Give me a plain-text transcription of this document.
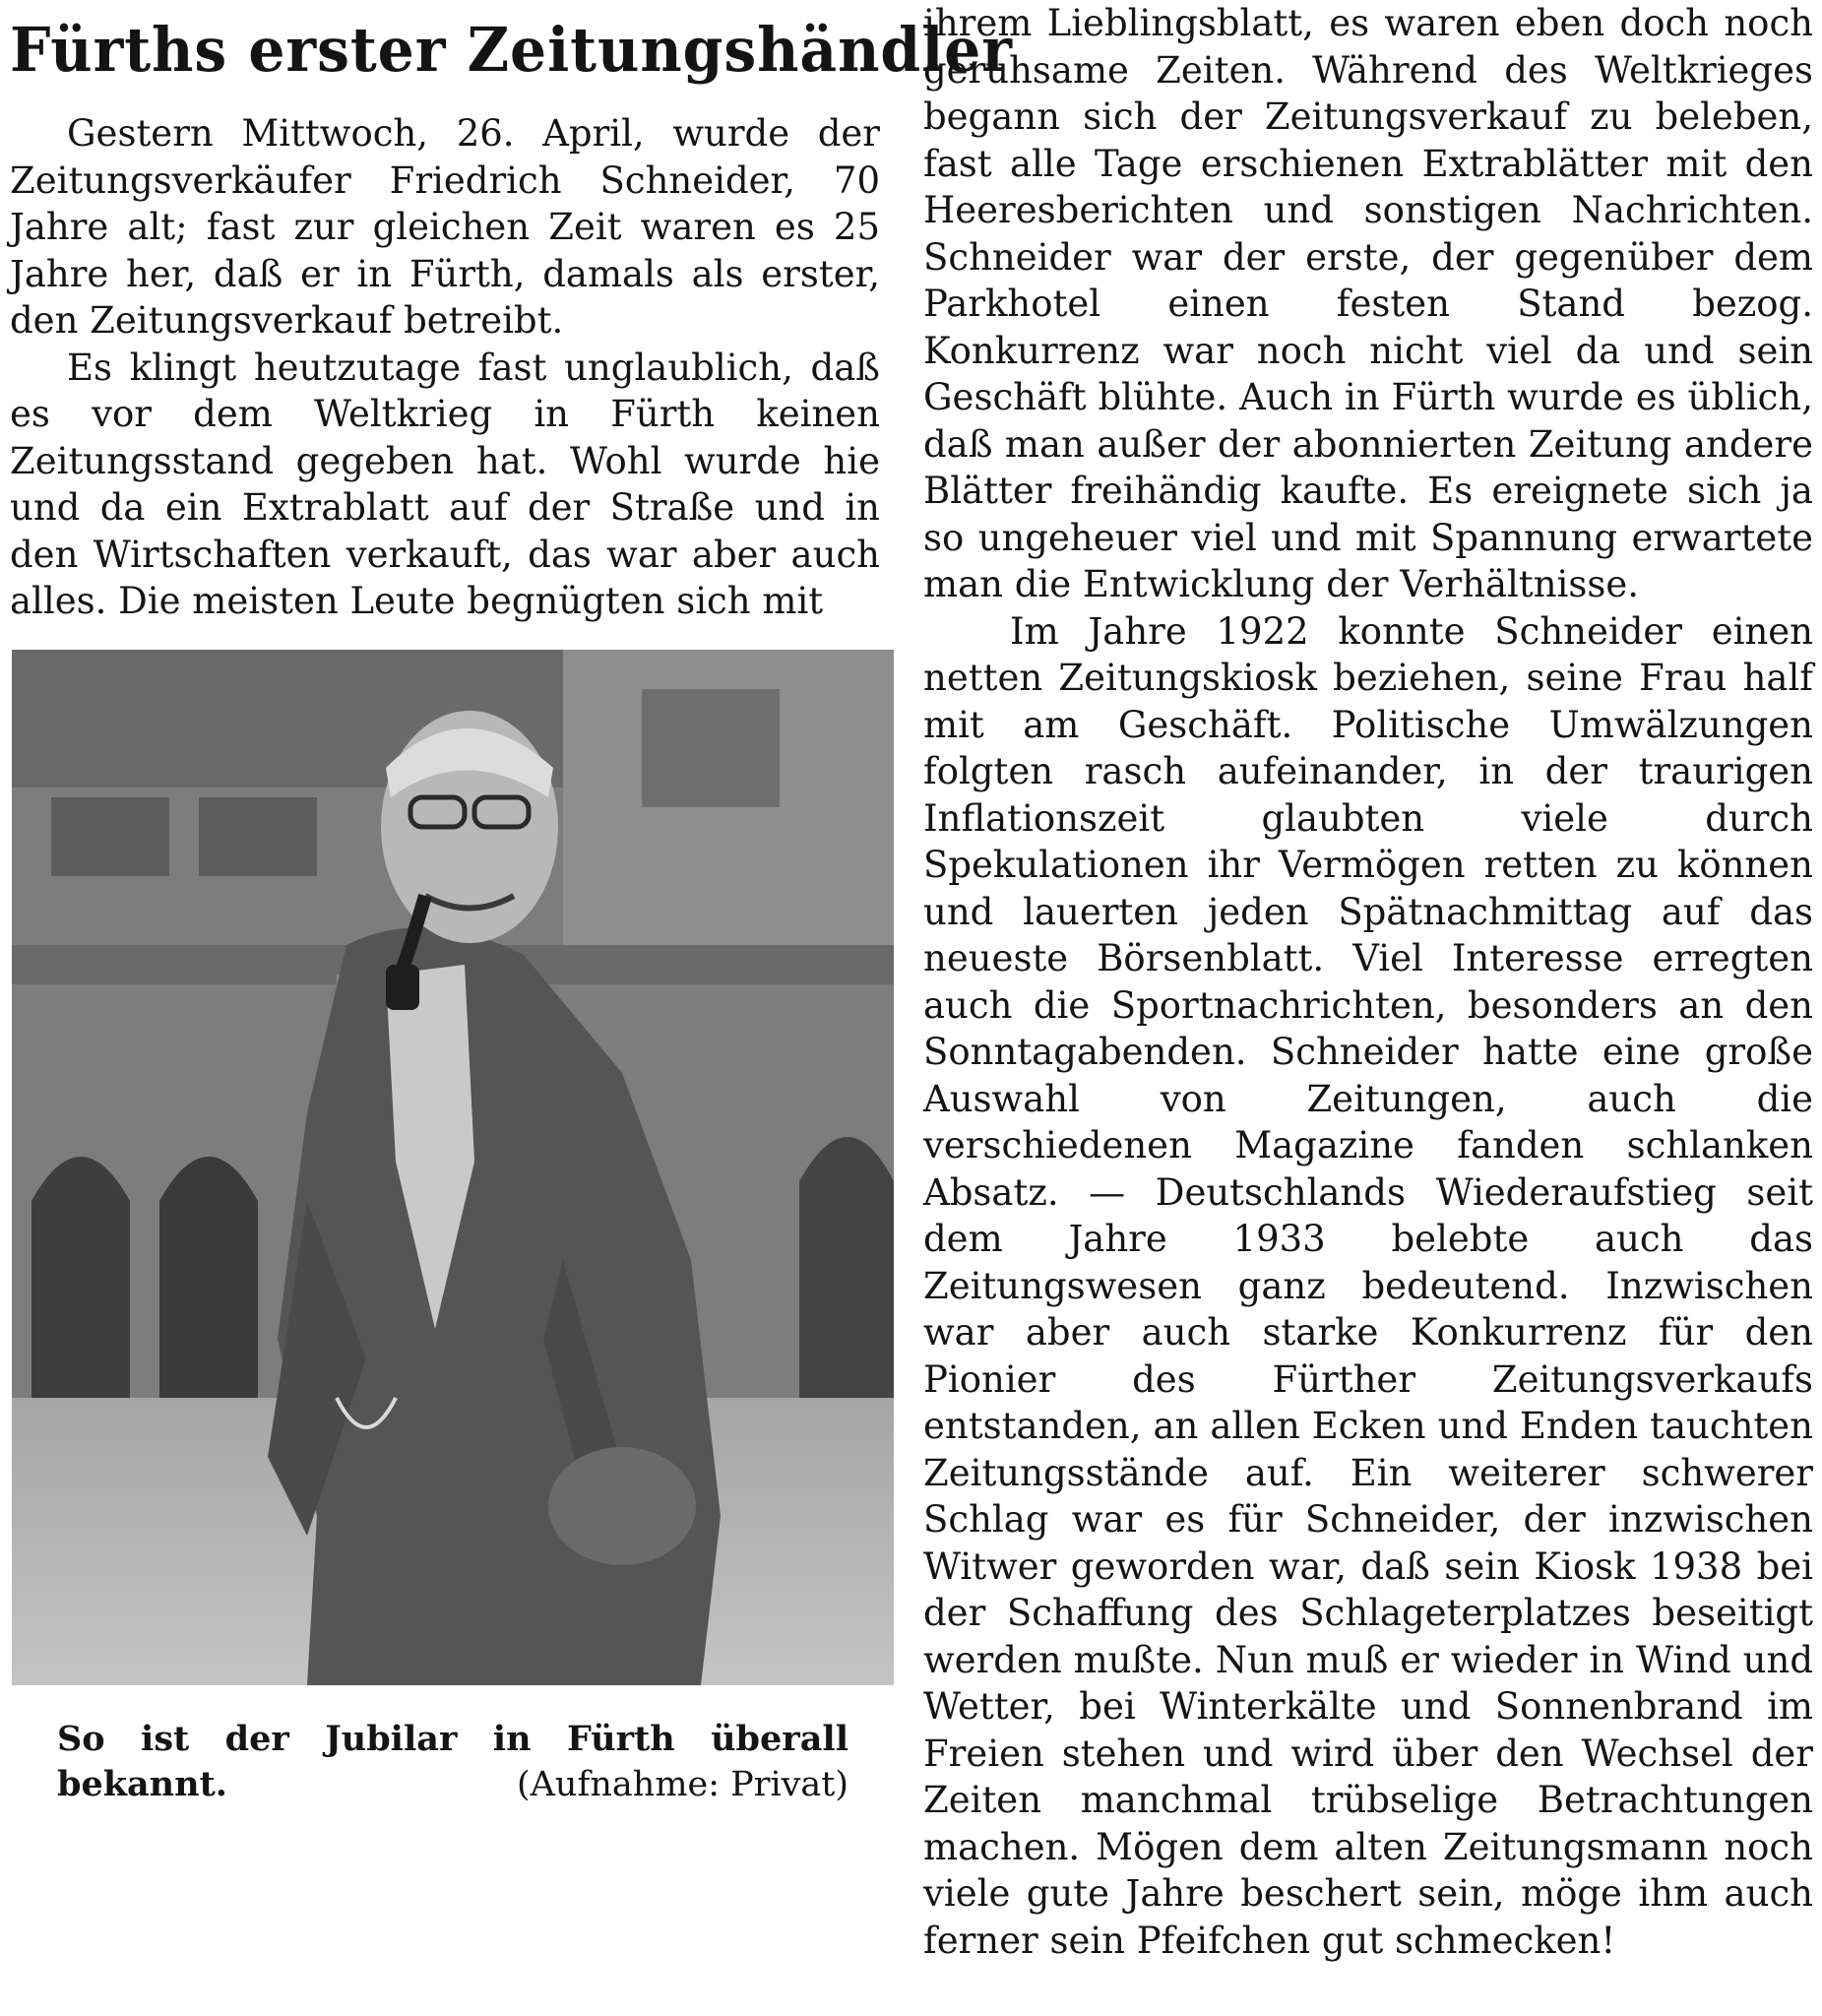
Fürths erster Zeitungshändler

Gestern Mittwoch, 26. April, wurde der Zeitungsverkäufer Friedrich Schneider, 70 Jahre alt; fast zur gleichen Zeit waren es 25 Jahre her, daß er in Fürth, damals als erster, den Zeitungsverkauf betreibt.

Es klingt heutzutage fast unglaublich, daß es vor dem Weltkrieg in Fürth keinen Zeitungsstand gegeben hat. Wohl wurde hie und da ein Extrablatt auf der Straße und in den Wirtschaften verkauft, das war aber auch alles. Die meisten Leute begnügten sich mit

So ist der Jubilar in Fürth überall
bekannt.	(Aufnahme: Privat)

ihrem Lieblingsblatt, es waren eben doch noch geruhsame Zeiten. Während des Weltkrieges begann sich der Zeitungsverkauf zu beleben, fast alle Tage erschienen Extrablätter mit den Heeresberichten und sonstigen Nachrichten. Schneider war der erste, der gegenüber dem Parkhotel einen festen Stand bezog. Konkurrenz war noch nicht viel da und sein Geschäft blühte. Auch in Fürth wurde es üblich, daß man außer der abonnierten Zeitung andere Blätter freihändig kaufte. Es ereignete sich ja so ungeheuer viel und mit Spannung erwartete man die Entwicklung der Verhältnisse.

Im Jahre 1922 konnte Schneider einen netten Zeitungskiosk beziehen, seine Frau half mit am Geschäft. Politische Umwälzungen folgten rasch aufeinander, in der traurigen Inflationszeit glaubten viele durch Spekulationen ihr Vermögen retten zu können und lauerten jeden Spätnachmittag auf das neueste Börsenblatt. Viel Interesse erregten auch die Sportnachrichten, besonders an den Sonntagabenden. Schneider hatte eine große Auswahl von Zeitungen, auch die verschiedenen Magazine fanden schlanken Absatz. — Deutschlands Wiederaufstieg seit dem Jahre 1933 belebte auch das Zeitungswesen ganz bedeutend. Inzwischen war aber auch starke Konkurrenz für den Pionier des Fürther Zeitungsverkaufs entstanden, an allen Ecken und Enden tauchten Zeitungsstände auf. Ein weiterer schwerer Schlag war es für Schneider, der inzwischen Witwer geworden war, daß sein Kiosk 1938 bei der Schaffung des Schlageterplatzes beseitigt werden mußte. Nun muß er wieder in Wind und Wetter, bei Winterkälte und Sonnenbrand im Freien stehen und wird über den Wechsel der Zeiten manchmal trübselige Betrachtungen machen. Mögen dem alten Zeitungsmann noch viele gute Jahre beschert sein, möge ihm auch ferner sein Pfeifchen gut schmecken!
